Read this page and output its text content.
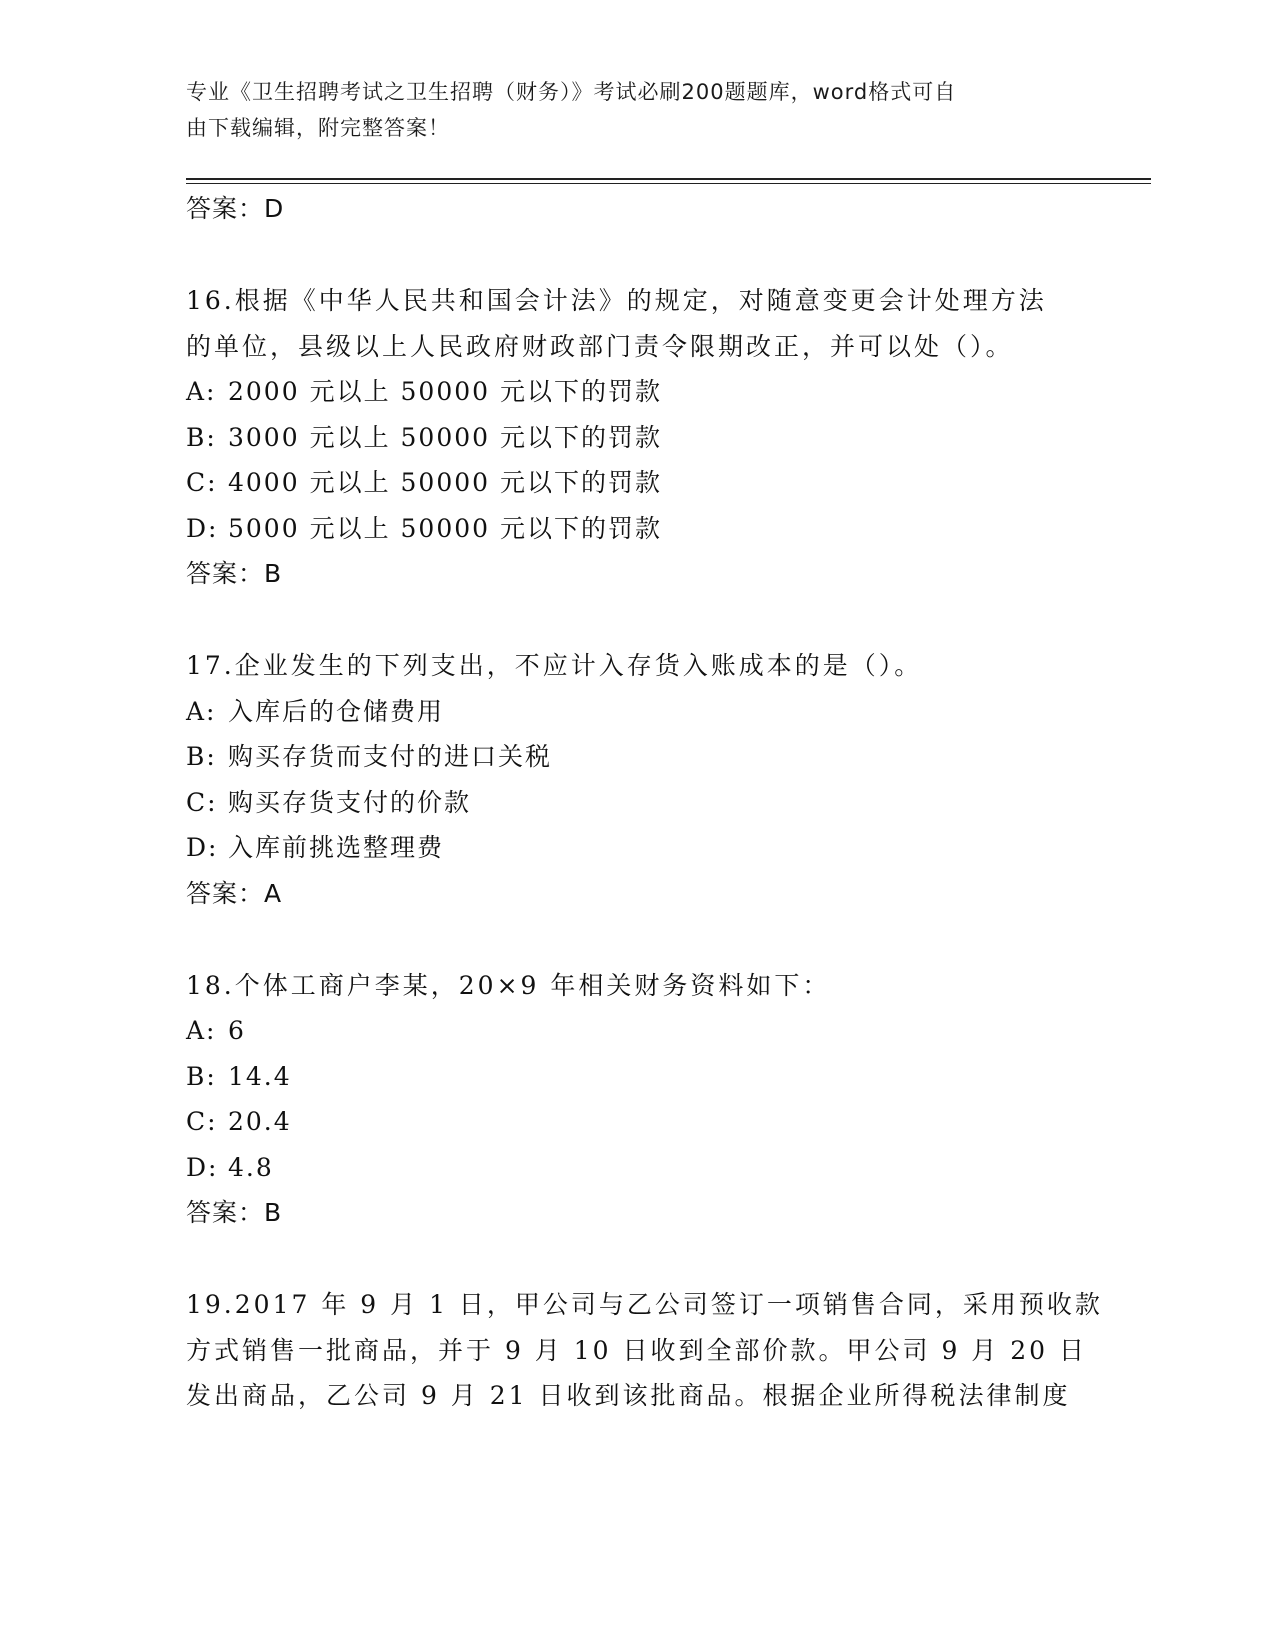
专业《卫生招聘考试之卫生招聘（财务）》考试必刷200题题库，word格式可自
由下载编辑，附完整答案！
答案：D
16.根据《中华人民共和国会计法》的规定，对随意变更会计处理方法
的单位，县级以上人民政府财政部门责令限期改正，并可以处（）。
A: 2000 元以上 50000 元以下的罚款
B: 3000 元以上 50000 元以下的罚款
C: 4000 元以上 50000 元以下的罚款
D: 5000 元以上 50000 元以下的罚款
答案：B
17.企业发生的下列支出，不应计入存货入账成本的是（）。
A: 入库后的仓储费用
B: 购买存货而支付的进口关税
C: 购买存货支付的价款
D: 入库前挑选整理费
答案：A
18.个体工商户李某，20×9 年相关财务资料如下：
A: 6
B: 14.4
C: 20.4
D: 4.8
答案：B
19.2017 年 9 月 1 日，甲公司与乙公司签订一项销售合同，采用预收款
方式销售一批商品，并于 9 月 10 日收到全部价款。甲公司 9 月 20 日
发出商品，乙公司 9 月 21 日收到该批商品。根据企业所得税法律制度
